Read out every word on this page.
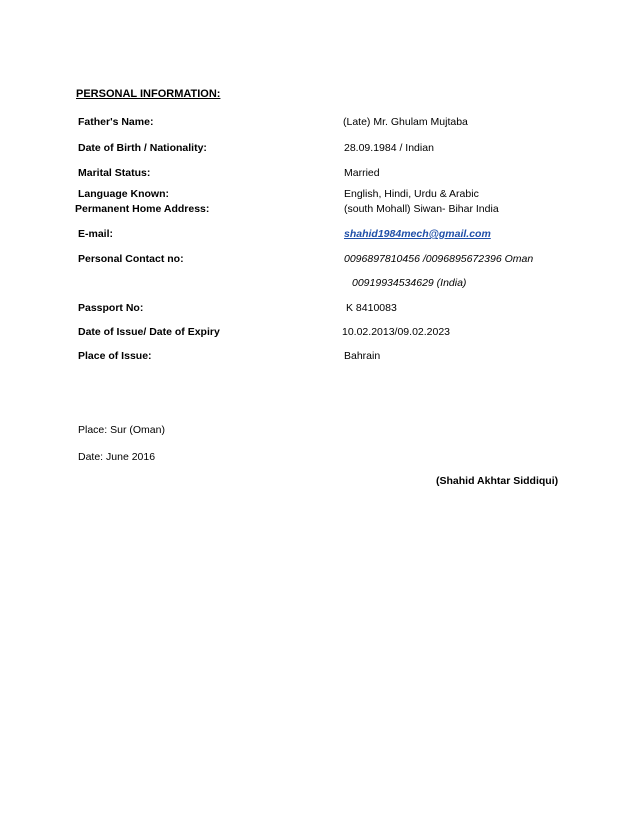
PERSONAL INFORMATION:
Father's Name:	(Late) Mr. Ghulam Mujtaba
Date of Birth / Nationality:	28.09.1984 / Indian
Marital Status:	Married
Language Known:	English, Hindi, Urdu & Arabic
Permanent Home Address:	(south Mohall) Siwan- Bihar India
E-mail:	shahid1984mech@gmail.com
Personal Contact no:	0096897810456 /0096895672396 Oman
00919934534629 (India)
Passport No:	K 8410083
Date of Issue/ Date of Expiry	10.02.2013/09.02.2023
Place of Issue:	Bahrain
Place: Sur (Oman)
Date: June 2016
(Shahid Akhtar Siddiqui)
